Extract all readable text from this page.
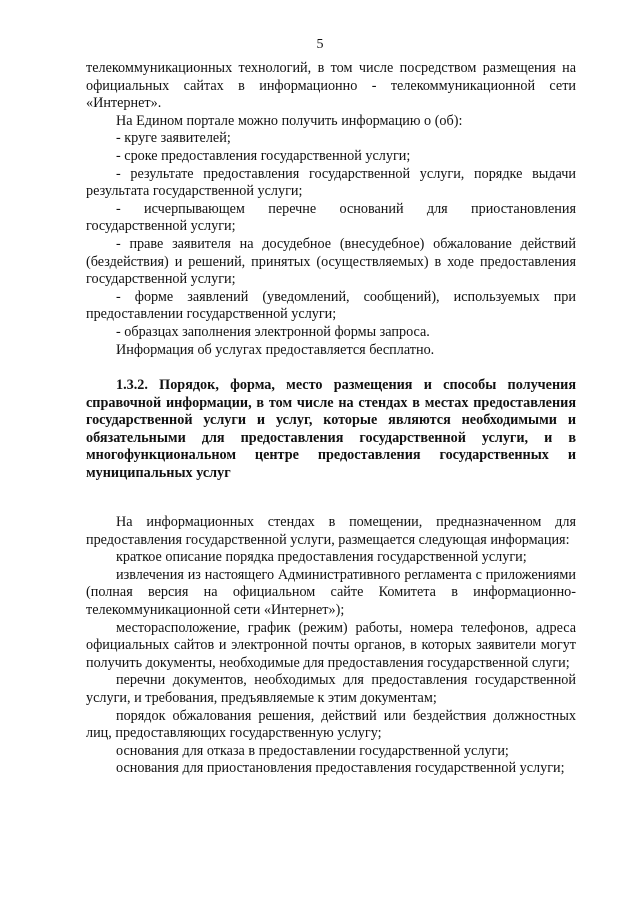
5

телекоммуникационных технологий, в том числе посредством размещения на официальных сайтах в информационно - телекоммуникационной сети «Интернет».

На Едином портале можно получить информацию о (об):

- круге заявителей;

- сроке предоставления государственной услуги;

- результате предоставления государственной услуги, порядке выдачи результата государственной услуги;

- исчерпывающем перечне оснований для приостановления государственной услуги;

- праве заявителя на досудебное (внесудебное) обжалование действий (бездействия) и решений, принятых (осуществляемых) в ходе предоставления государственной услуги;

- форме заявлений (уведомлений, сообщений), используемых при предоставлении государственной услуги;

- образцах заполнения электронной формы запроса.

Информация об услугах предоставляется бесплатно.

1.3.2. Порядок, форма, место размещения и способы получения справочной информации, в том числе на стендах в местах предоставления государственной услуги и услуг, которые являются необходимыми и обязательными для предоставления государственной услуги, и в многофункциональном центре предоставления государственных и муниципальных услуг

На информационных стендах в помещении, предназначенном для предоставления государственной услуги, размещается следующая информация:

краткое описание порядка предоставления государственной услуги;

извлечения из настоящего Административного регламента с приложениями (полная версия на официальном сайте Комитета в информационно-телекоммуникационной сети «Интернет»);

месторасположение, график (режим) работы, номера телефонов, адреса официальных сайтов и электронной почты органов, в которых заявители могут получить документы, необходимые для предоставления государственной слуги;

перечни документов, необходимых для предоставления государственной услуги, и требования, предъявляемые к этим документам;

порядок обжалования решения, действий или бездействия должностных лиц, предоставляющих государственную услугу;

основания для отказа в предоставлении государственной услуги;

основания для приостановления предоставления государственной услуги;
